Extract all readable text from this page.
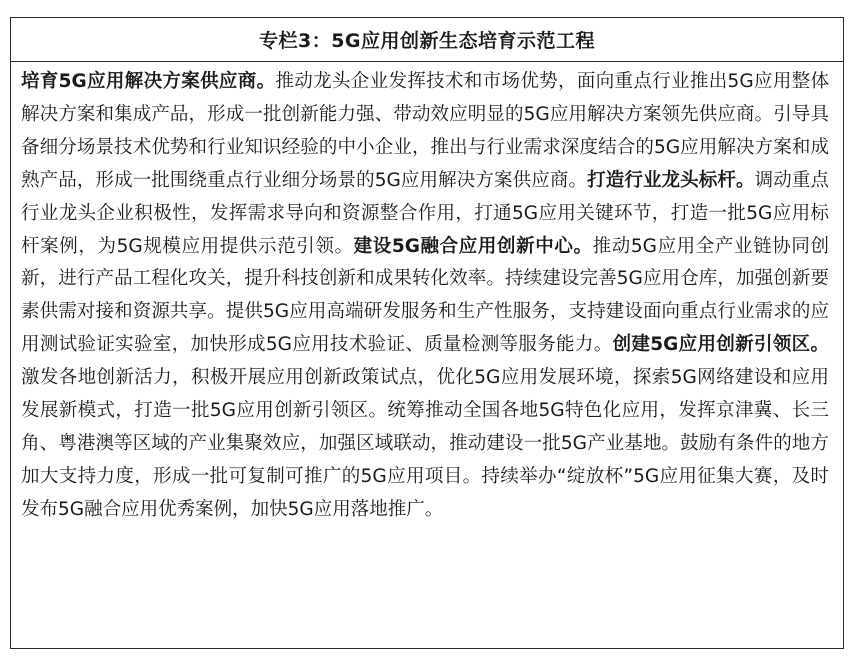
专栏3：5G应用创新生态培育示范工程
培育5G应用解决方案供应商。推动龙头企业发挥技术和市场优势，面向重点行业推出5G应用整体解决方案和集成产品，形成一批创新能力强、带动效应明显的5G应用解决方案领先供应商。引导具备细分场景技术优势和行业知识经验的中小企业，推出与行业需求深度结合的5G应用解决方案和成熟产品，形成一批围绕重点行业细分场景的5G应用解决方案供应商。打造行业龙头标杆。调动重点行业龙头企业积极性，发挥需求导向和资源整合作用，打通5G应用关键环节，打造一批5G应用标杆案例，为5G规模应用提供示范引领。建设5G融合应用创新中心。推动5G应用全产业链协同创新，进行产品工程化攻关，提升科技创新和成果转化效率。持续建设完善5G应用仓库，加强创新要素供需对接和资源共享。提供5G应用高端研发服务和生产性服务，支持建设面向重点行业需求的应用测试验证实验室，加快形成5G应用技术验证、质量检测等服务能力。创建5G应用创新引领区。激发各地创新活力，积极开展应用创新政策试点，优化5G应用发展环境，探索5G网络建设和应用发展新模式，打造一批5G应用创新引领区。统筹推动全国各地5G特色化应用，发挥京津冀、长三角、粤港澳等区域的产业集聚效应，加强区域联动，推动建设一批5G产业基地。鼓励有条件的地方加大支持力度，形成一批可复制可推广的5G应用项目。持续举办“绽放杯”5G应用征集大赛，及时发布5G融合应用优秀案例，加快5G应用落地推广。
